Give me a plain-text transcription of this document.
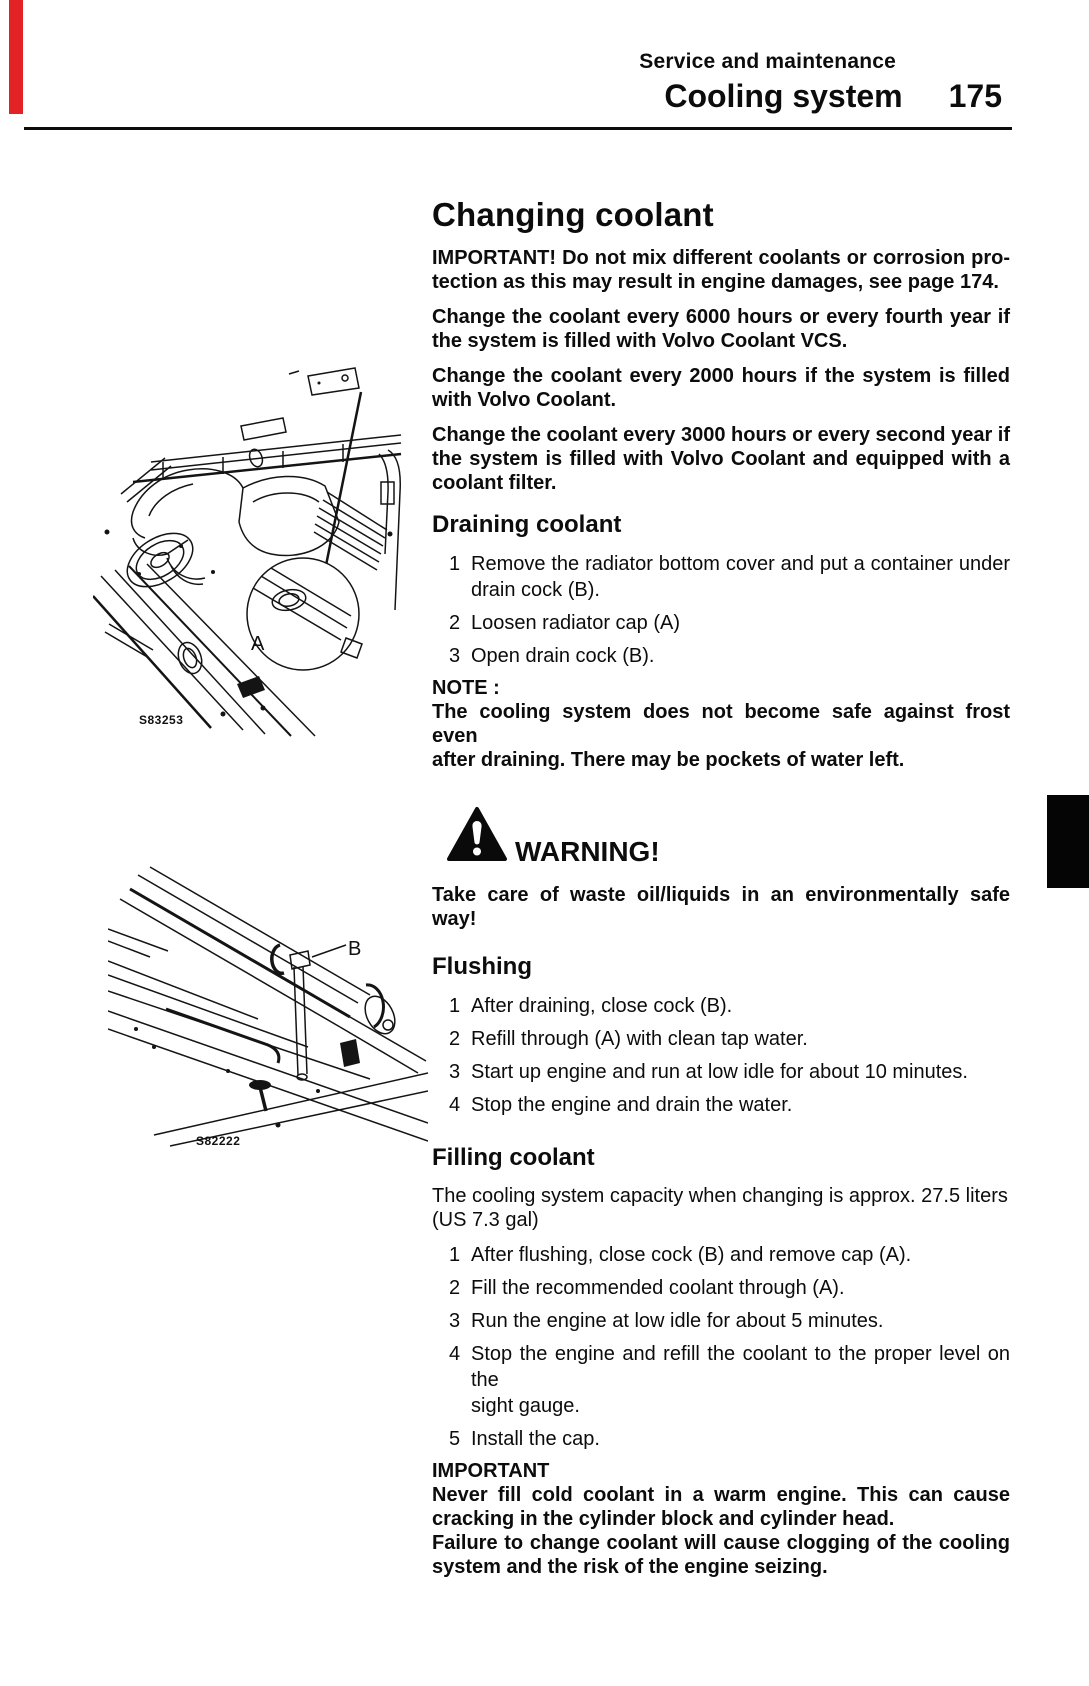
Service and maintenance
Cooling system 175
A
S83253
B
S82222
Changing coolant
IMPORTANT! Do not mix different coolants or corrosion pro-
tection as this may result in engine damages, see page 174.
Change the coolant every 6000 hours or every fourth year if
the system is filled with Volvo Coolant VCS.
Change the coolant every 2000 hours if the system is filled
with Volvo Coolant.
Change the coolant every 3000 hours or every second year if
the system is filled with Volvo Coolant and equipped with a
coolant filter.
Draining coolant
1 Remove the radiator bottom cover and put a container under
drain cock (B).
2 Loosen radiator cap (A)
3 Open drain cock (B).
NOTE :
The cooling system does not become safe against frost even
after draining. There may be pockets of water left.
WARNING!
Take care of waste oil/liquids in an environmentally safe
way!
Flushing
1 After draining, close cock (B).
2 Refill through (A) with clean tap water.
3 Start up engine and run at low idle for about 10 minutes.
4 Stop the engine and drain the water.
Filling coolant
The cooling system capacity when changing is approx. 27.5 liters
(US 7.3 gal)
1 After flushing, close cock (B) and remove cap (A).
2 Fill the recommended coolant through (A).
3 Run the engine at low idle for about 5 minutes.
4 Stop the engine and refill the coolant to the proper level on the
sight gauge.
5 Install the cap.
IMPORTANT
Never fill cold coolant in a warm engine. This can cause
cracking in the cylinder block and cylinder head.
Failure to change coolant will cause clogging of the cooling
system and the risk of the engine seizing.
